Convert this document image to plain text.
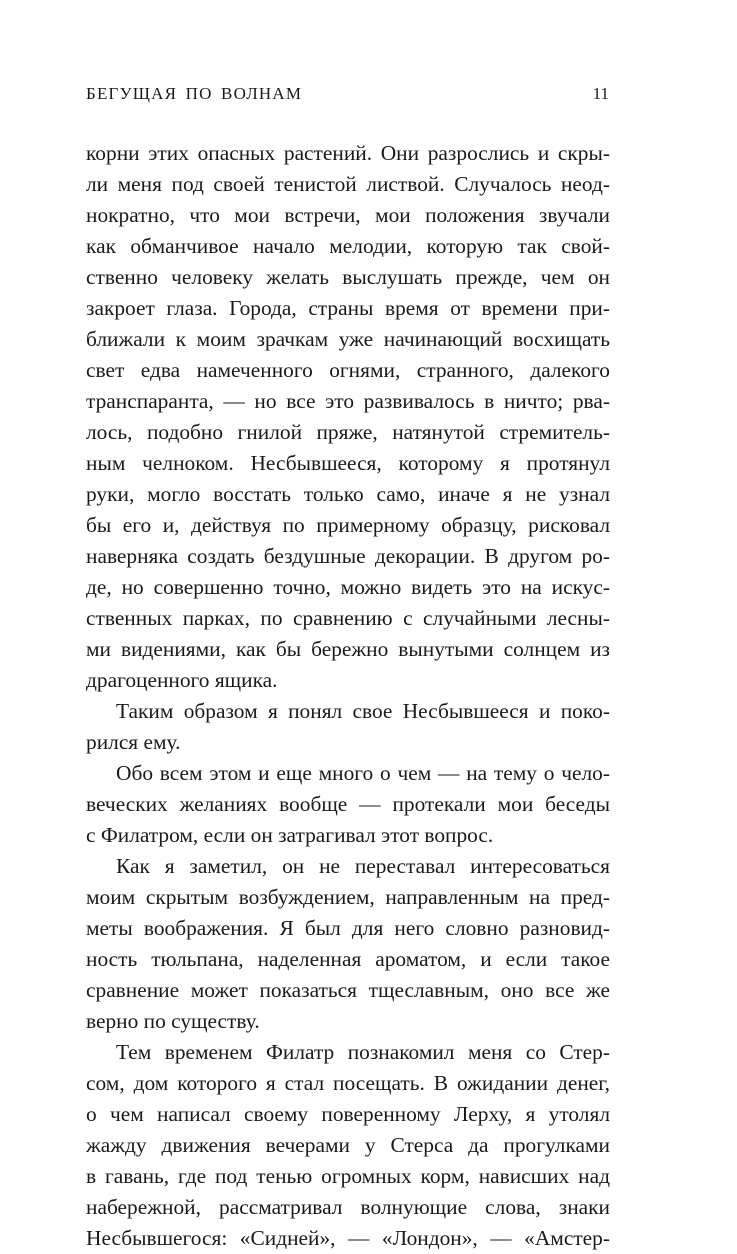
БЕГУЩАЯ ПО ВОЛНАМ	11
корни этих опасных растений. Они разрослись и скры-
ли меня под своей тенистой листвой. Случалось неод-
нократно, что мои встречи, мои положения звучали
как обманчивое начало мелодии, которую так свой-
ственно человеку желать выслушать прежде, чем он
закроет глаза. Города, страны время от времени при-
ближали к моим зрачкам уже начинающий восхищать
свет едва намеченного огнями, странного, далекого
транспаранта, — но все это развивалось в ничто; рва-
лось, подобно гнилой пряже, натянутой стремитель-
ным челноком. Несбывшееся, которому я протянул
руки, могло восстать только само, иначе я не узнал
бы его и, действуя по примерному образцу, рисковал
наверняка создать бездушные декорации. В другом ро-
де, но совершенно точно, можно видеть это на искус-
ственных парках, по сравнению с случайными лесны-
ми видениями, как бы бережно вынутыми солнцем из
драгоценного ящика.
Таким образом я понял свое Несбывшееся и поко-
рился ему.
Обо всем этом и еще много о чем — на тему о чело-
веческих желаниях вообще — протекали мои беседы
с Филатром, если он затрагивал этот вопрос.
Как я заметил, он не переставал интересоваться
моим скрытым возбуждением, направленным на пред-
меты воображения. Я был для него словно разновид-
ность тюльпана, наделенная ароматом, и если такое
сравнение может показаться тщеславным, оно все же
верно по существу.
Тем временем Филатр познакомил меня со Стер-
сом, дом которого я стал посещать. В ожидании денег,
о чем написал своему поверенному Лерху, я утолял
жажду движения вечерами у Стерса да прогулками
в гавань, где под тенью огромных корм, нависших над
набережной, рассматривал волнующие слова, знаки
Несбывшегося: «Сидней», — «Лондон», — «Амстер-
